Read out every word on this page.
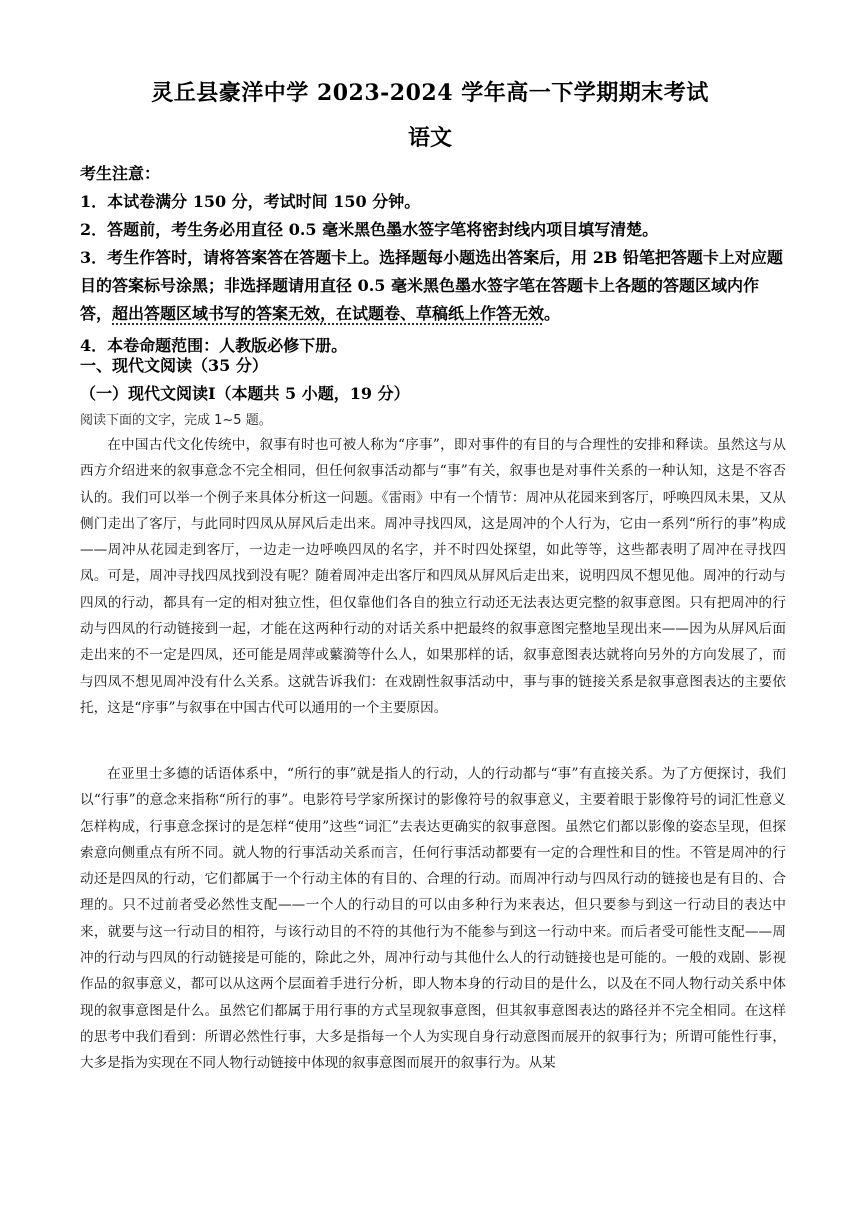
灵丘县豪洋中学 2023-2024 学年高一下学期期末考试
语文
考生注意：
1．本试卷满分 150 分，考试时间 150 分钟。
2．答题前，考生务必用直径 0.5 毫米黑色墨水签字笔将密封线内项目填写清楚。
3．考生作答时，请将答案答在答题卡上。选择题每小题选出答案后，用 2B 铅笔把答题卡上对应题目的答案标号涂黑；非选择题请用直径 0.5 毫米黑色墨水签字笔在答题卡上各题的答题区域内作答，超出答题区域书写的答案无效，在试题卷、草稿纸上作答无效。
4．本卷命题范围：人教版必修下册。
一、现代文阅读（35 分）
（一）现代文阅读Ⅰ（本题共 5 小题，19 分）
阅读下面的文字，完成 1~5 题。
在中国古代文化传统中，叙事有时也可被人称为“序事”，即对事件的有目的与合理性的安排和释读。虽然这与从西方介绍进来的叙事意念不完全相同，但任何叙事活动都与“事”有关，叙事也是对事件关系的一种认知，这是不容否认的。我们可以举一个例子来具体分析这一问题。《雷雨》中有一个情节：周冲从花园来到客厅，呼唤四凤未果，又从侧门走出了客厅，与此同时四凤从屏风后走出来。周冲寻找四凤，这是周冲的个人行为，它由一系列“所行的事”构成——周冲从花园走到客厅，一边走一边呼唤四凤的名字，并不时四处探望，如此等等，这些都表明了周冲在寻找四凤。可是，周冲寻找四凤找到没有呢？随着周冲走出客厅和四凤从屏风后走出来，说明四凤不想见他。周冲的行动与四凤的行动，都具有一定的相对独立性，但仅靠他们各自的独立行动还无法表达更完整的叙事意图。只有把周冲的行动与四凤的行动链接到一起，才能在这两种行动的对话关系中把最终的叙事意图完整地呈现出来——因为从屏风后面走出来的不一定是四凤，还可能是周萍或蘩漪等什么人，如果那样的话，叙事意图表达就将向另外的方向发展了，而与四凤不想见周冲没有什么关系。这就告诉我们：在戏剧性叙事活动中，事与事的链接关系是叙事意图表达的主要依托，这是“序事”与叙事在中国古代可以通用的一个主要原因。
在亚里士多德的话语体系中，“所行的事”就是指人的行动，人的行动都与“事”有直接关系。为了方便探讨，我们以“行事”的意念来指称“所行的事”。电影符号学家所探讨的影像符号的叙事意义，主要着眼于影像符号的词汇性意义怎样构成，行事意念探讨的是怎样“使用”这些“词汇”去表达更确实的叙事意图。虽然它们都以影像的姿态呈现，但探索意向侧重点有所不同。就人物的行事活动关系而言，任何行事活动都要有一定的合理性和目的性。不管是周冲的行动还是四凤的行动，它们都属于一个行动主体的有目的、合理的行动。而周冲行动与四凤行动的链接也是有目的、合理的。只不过前者受必然性支配——一个人的行动目的可以由多种行为来表达，但只要参与到这一行动目的表达中来，就要与这一行动目的相符，与该行动目的不符的其他行为不能参与到这一行动中来。而后者受可能性支配——周冲的行动与四凤的行动链接是可能的，除此之外，周冲行动与其他什么人的行动链接也是可能的。一般的戏剧、影视作品的叙事意义，都可以从这两个层面着手进行分析，即人物本身的行动目的是什么，以及在不同人物行动关系中体现的叙事意图是什么。虽然它们都属于用行事的方式呈现叙事意图，但其叙事意图表达的路径并不完全相同。在这样的思考中我们看到：所谓必然性行事，大多是指每一个人为实现自身行动意图而展开的叙事行为；所谓可能性行事，大多是指为实现在不同人物行动链接中体现的叙事意图而展开的叙事行为。从某
